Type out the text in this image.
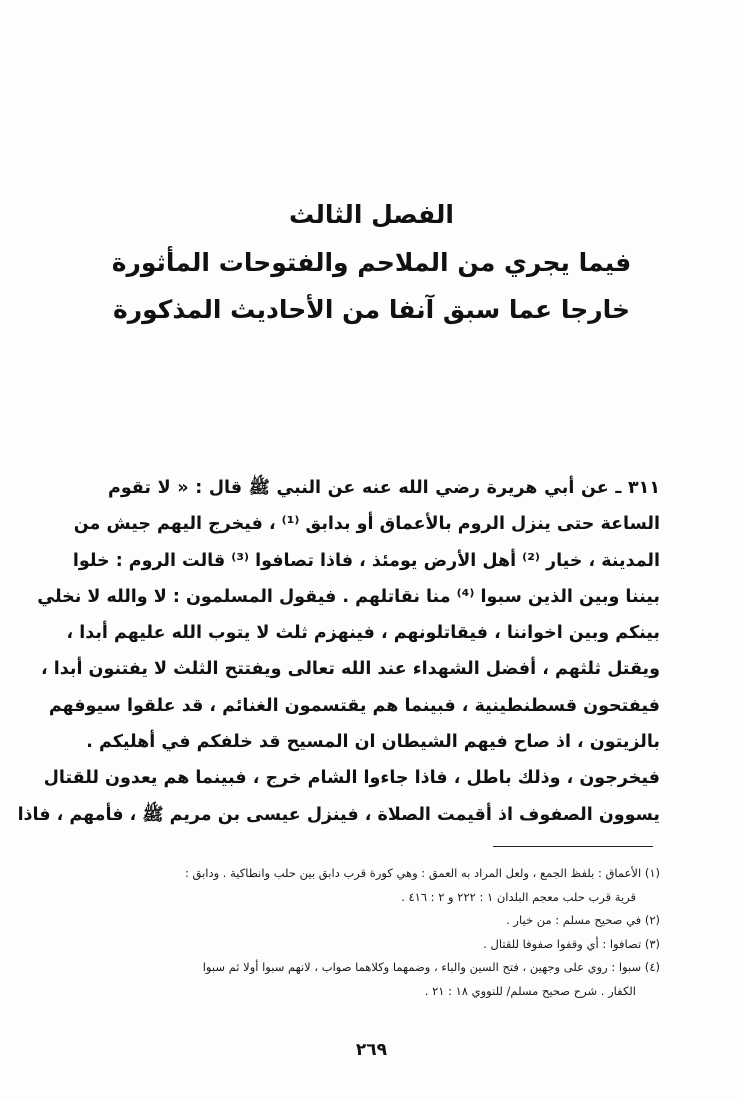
الفصل الثالث
فيما يجري من الملاحم والفتوحات المأثورة
خارجا عما سبق آنفا من الأحاديث المذكورة
٣١١ ـ عن أبي هريرة رضي الله عنه عن النبي ﷺ قال : « لا تقوم
الساعة حتى ينزل الروم بالأعماق أو بدابق ⁽¹⁾ ، فيخرج اليهم جيش من
المدينة ، خيار ⁽²⁾ أهل الأرض يومئذ ، فاذا تصافوا ⁽³⁾ قالت الروم : خلوا
بيننا وبين الذين سبوا ⁽⁴⁾ منا نقاتلهم . فيقول المسلمون : لا والله لا نخلي
بينكم وبين اخواننا ، فيقاتلونهم ، فينهزم ثلث لا يتوب الله عليهم أبدا ،
ويقتل ثلثهم ، أفضل الشهداء عند الله تعالى ويفتتح الثلث لا يفتنون أبدا ،
فيفتحون قسطنطينية ، فبينما هم يقتسمون الغنائم ، قد علقوا سيوفهم
بالزيتون ، اذ صاح فيهم الشيطان ان المسيح قد خلفكم في أهليكم .
فيخرجون ، وذلك باطل ، فاذا جاءوا الشام خرج ، فبينما هم يعدون للقتال
يسوون الصفوف اذ أقيمت الصلاة ، فينزل عيسى بن مريم ﷺ ، فأمهم ، فاذا
(١) الأعماق : بلفظ الجمع ، ولعل المراد به العمق : وهي كورة قرب دابق بين حلب وانطاكية . ودابق :
قرية قرب حلب معجم البلدان ١ : ٢٢٢ و ٢ : ٤١٦ .
(٢) في صحيح مسلم : من خيار .
(٣) تصافوا : أي وقفوا صفوفا للقتال .
(٤) سبوا : روي على وجهين ، فتح السين والباء ، وضمهما وكلاهما صواب ، لانهم سبوا أولا ثم سبوا
الكفار . شرح صحيح مسلم/ للنووي ١٨ : ٢١ .
٢٦٩
